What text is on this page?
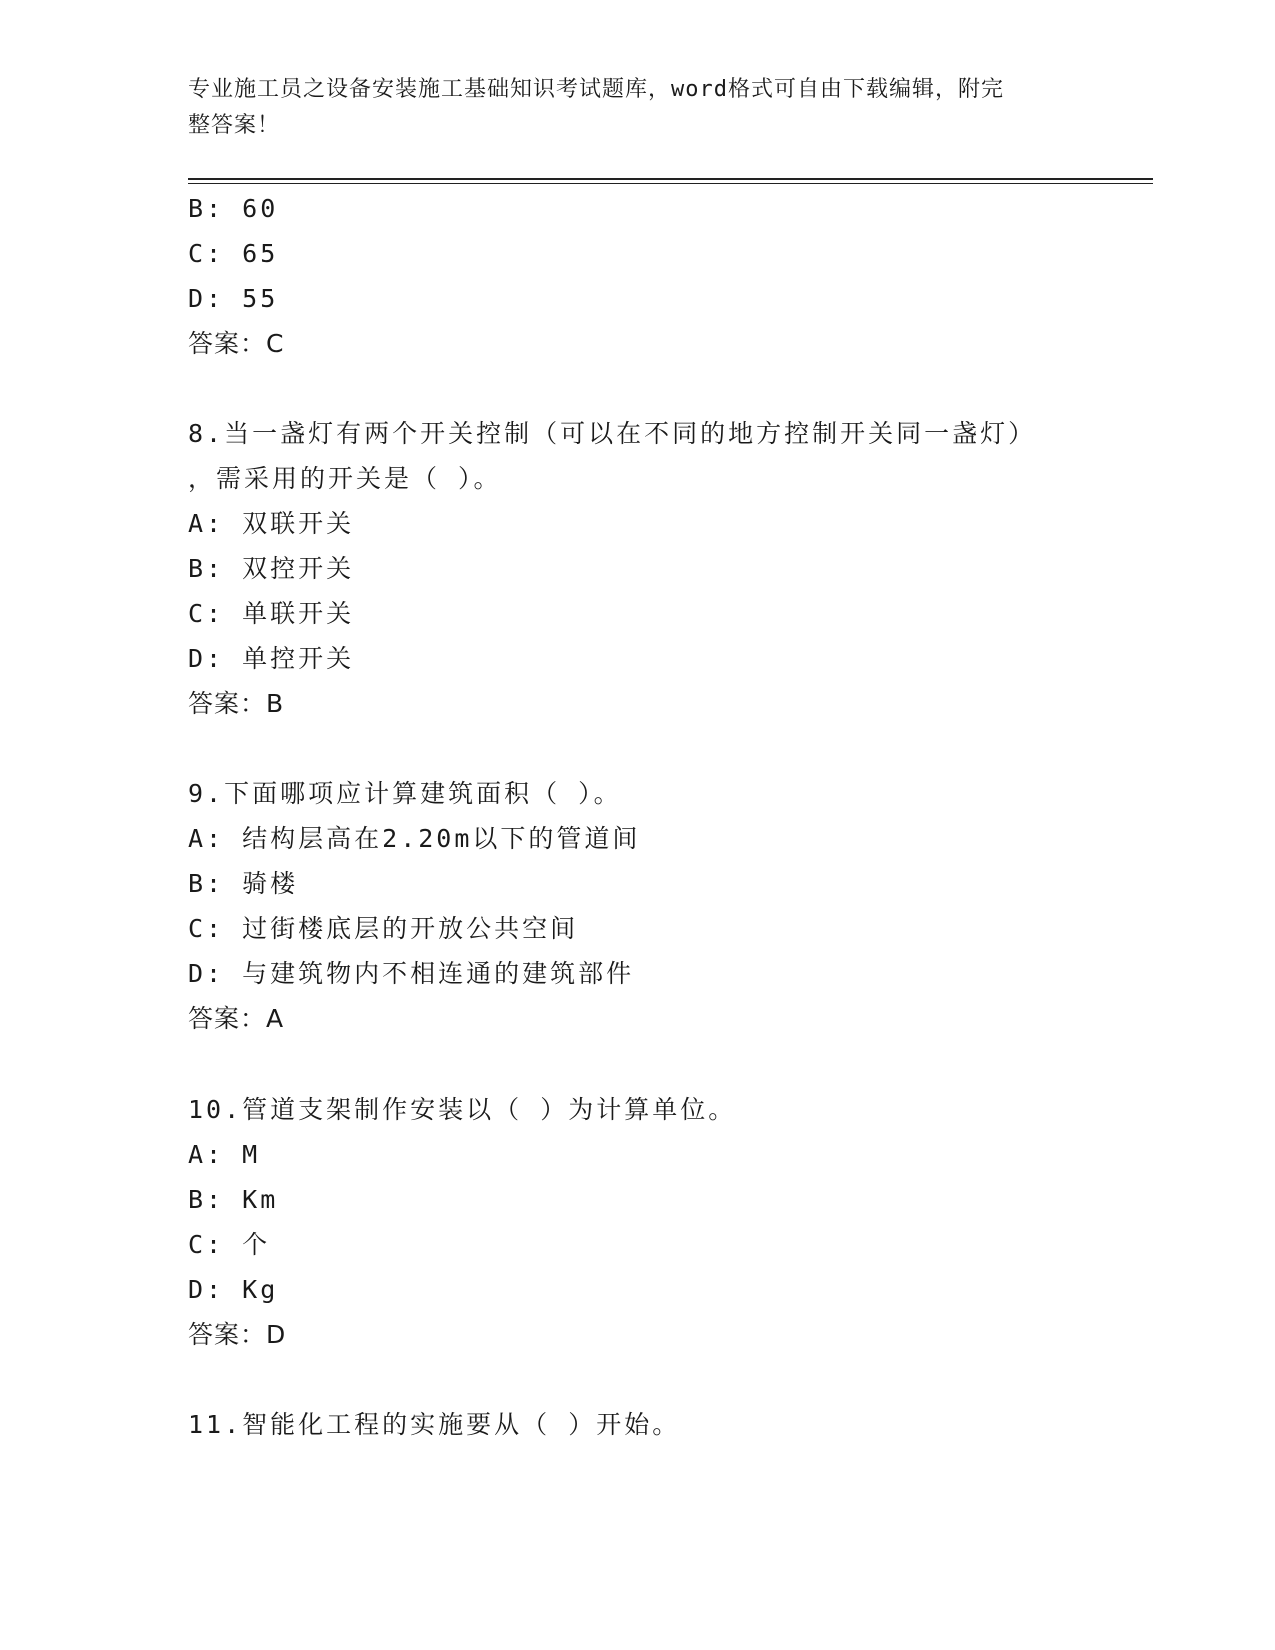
专业施工员之设备安装施工基础知识考试题库，word格式可自由下载编辑，附完
整答案！
B: 60
C: 65
D: 55
答案：C
8.当一盏灯有两个开关控制（可以在不同的地方控制开关同一盏灯）
，需采用的开关是（ ）。
A: 双联开关
B: 双控开关
C: 单联开关
D: 单控开关
答案：B
9.下面哪项应计算建筑面积（ ）。
A: 结构层高在2.20m以下的管道间
B: 骑楼
C: 过街楼底层的开放公共空间
D: 与建筑物内不相连通的建筑部件
答案：A
10.管道支架制作安装以（ ）为计算单位。
A: M
B: Km
C: 个
D: Kg
答案：D
11.智能化工程的实施要从（ ）开始。
